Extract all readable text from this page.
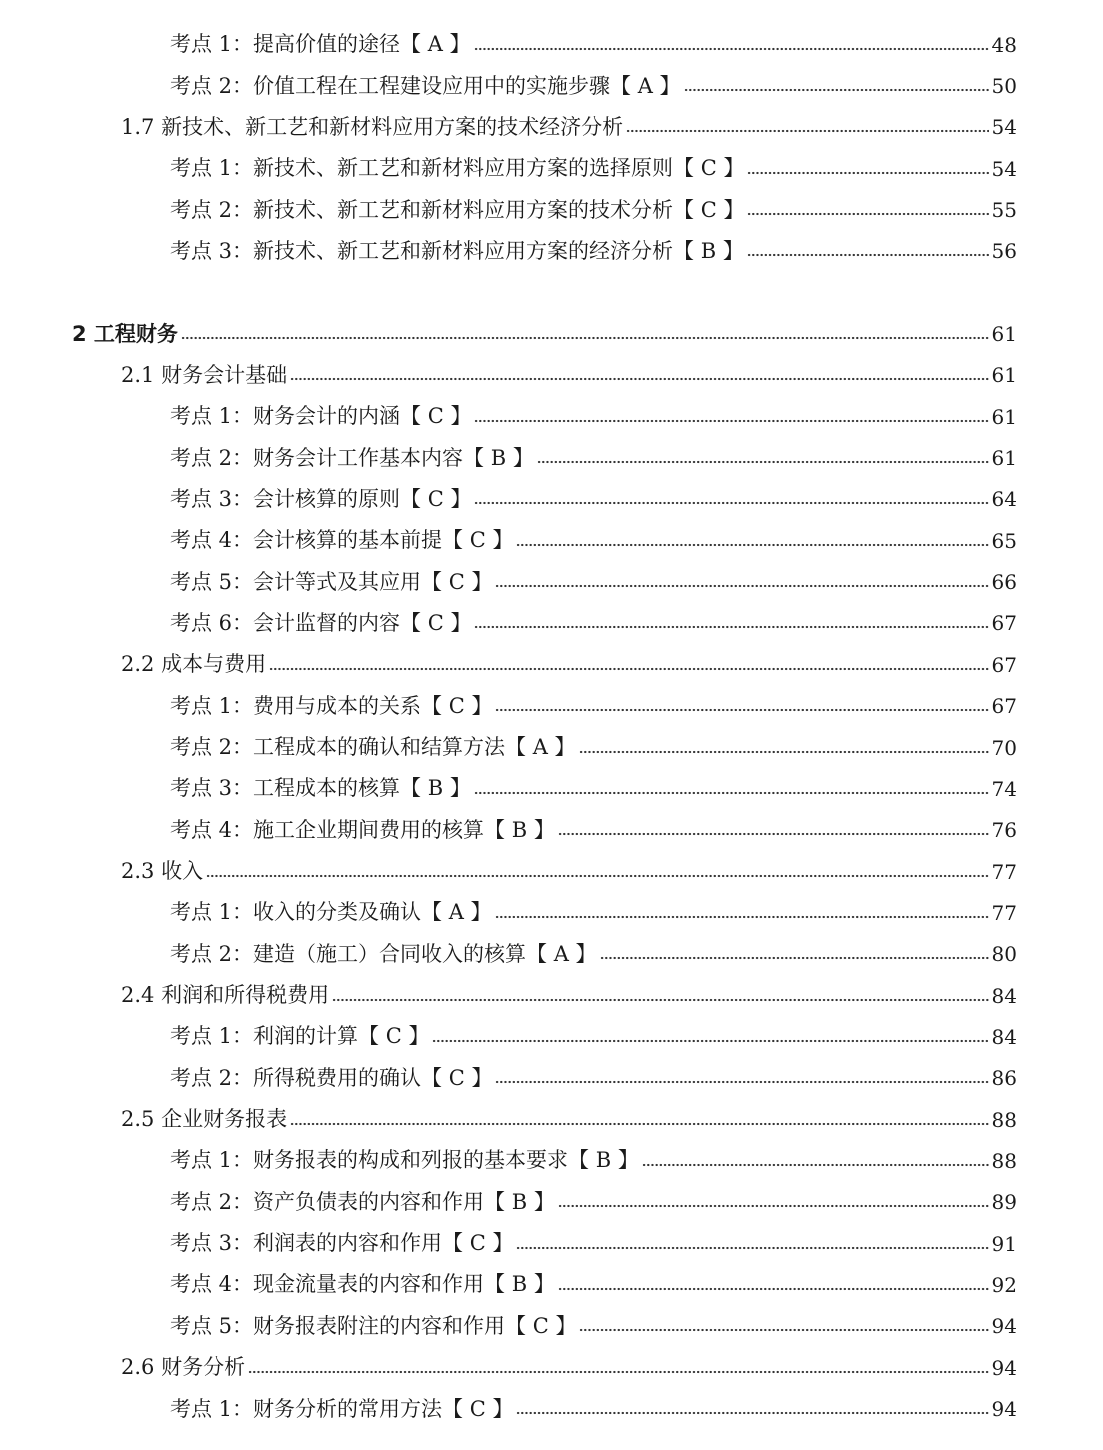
考点 1：提高价值的途径【 A 】	48
考点 2：价值工程在工程建设应用中的实施步骤【 A 】	50
1.7 新技术、新工艺和新材料应用方案的技术经济分析	54
考点 1：新技术、新工艺和新材料应用方案的选择原则【 C 】	54
考点 2：新技术、新工艺和新材料应用方案的技术分析【 C 】	55
考点 3：新技术、新工艺和新材料应用方案的经济分析【 B 】	56
2 工程财务	61
2.1 财务会计基础	61
考点 1：财务会计的内涵【 C 】	61
考点 2：财务会计工作基本内容【 B 】	61
考点 3：会计核算的原则【 C 】	64
考点 4：会计核算的基本前提【 C 】	65
考点 5：会计等式及其应用【 C 】	66
考点 6：会计监督的内容【 C 】	67
2.2 成本与费用	67
考点 1：费用与成本的关系【 C 】	67
考点 2：工程成本的确认和结算方法【 A 】	70
考点 3：工程成本的核算【 B 】	74
考点 4：施工企业期间费用的核算【 B 】	76
2.3 收入	77
考点 1：收入的分类及确认【 A 】	77
考点 2：建造（施工）合同收入的核算【 A 】	80
2.4 利润和所得税费用	84
考点 1：利润的计算【 C 】	84
考点 2：所得税费用的确认【 C 】	86
2.5 企业财务报表	88
考点 1：财务报表的构成和列报的基本要求【 B 】	88
考点 2：资产负债表的内容和作用【 B 】	89
考点 3：利润表的内容和作用【 C 】	91
考点 4：现金流量表的内容和作用【 B 】	92
考点 5：财务报表附注的内容和作用【 C 】	94
2.6 财务分析	94
考点 1：财务分析的常用方法【 C 】	94
